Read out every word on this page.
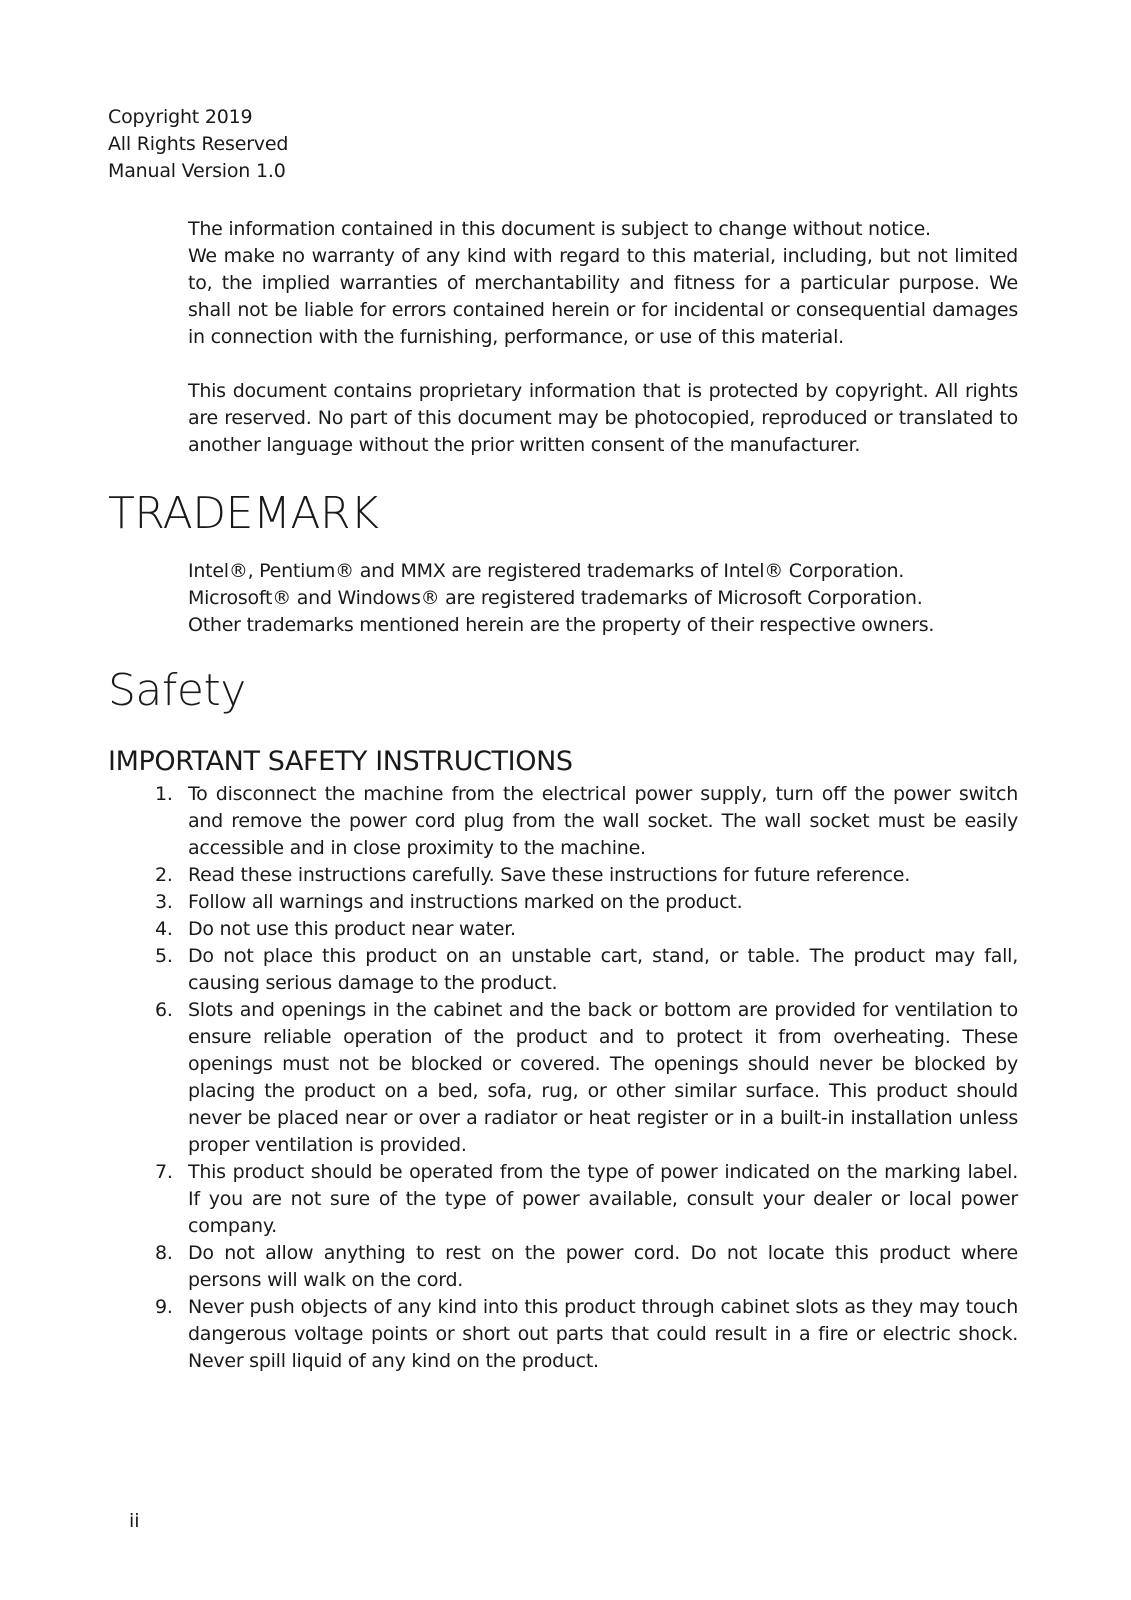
Copyright 2019
All Rights Reserved
Manual Version 1.0

The information contained in this document is subject to change without notice.

We make no warranty of any kind with regard to this material, including, but not limited to, the implied warranties of merchantability and fitness for a particular purpose. We shall not be liable for errors contained herein or for incidental or consequential damages in connection with the furnishing, performance, or use of this material.

This document contains proprietary information that is protected by copyright. All rights are reserved. No part of this document may be photocopied, reproduced or translated to another language without the prior written consent of the manufacturer.

TRADEMARK

Intel®, Pentium® and MMX are registered trademarks of Intel® Corporation.

Microsoft® and Windows® are registered trademarks of Microsoft Corporation.

Other trademarks mentioned herein are the property of their respective owners.

Safety
IMPORTANT SAFETY INSTRUCTIONS
1. To disconnect the machine from the electrical power supply, turn off the power switch and remove the power cord plug from the wall socket. The wall socket must be easily accessible and in close proximity to the machine.
2. Read these instructions carefully. Save these instructions for future reference.
3. Follow all warnings and instructions marked on the product.
4. Do not use this product near water.
5. Do not place this product on an unstable cart, stand, or table. The product may fall, causing serious damage to the product.
6. Slots and openings in the cabinet and the back or bottom are provided for ventilation to ensure reliable operation of the product and to protect it from overheating. These openings must not be blocked or covered. The openings should never be blocked by placing the product on a bed, sofa, rug, or other similar surface. This product should never be placed near or over a radiator or heat register or in a built-in installation unless proper ventilation is provided.
7. This product should be operated from the type of power indicated on the marking label. If you are not sure of the type of power available, consult your dealer or local power company.
8. Do not allow anything to rest on the power cord. Do not locate this product where persons will walk on the cord.
9. Never push objects of any kind into this product through cabinet slots as they may touch dangerous voltage points or short out parts that could result in a fire or electric shock. Never spill liquid of any kind on the product.
ii
